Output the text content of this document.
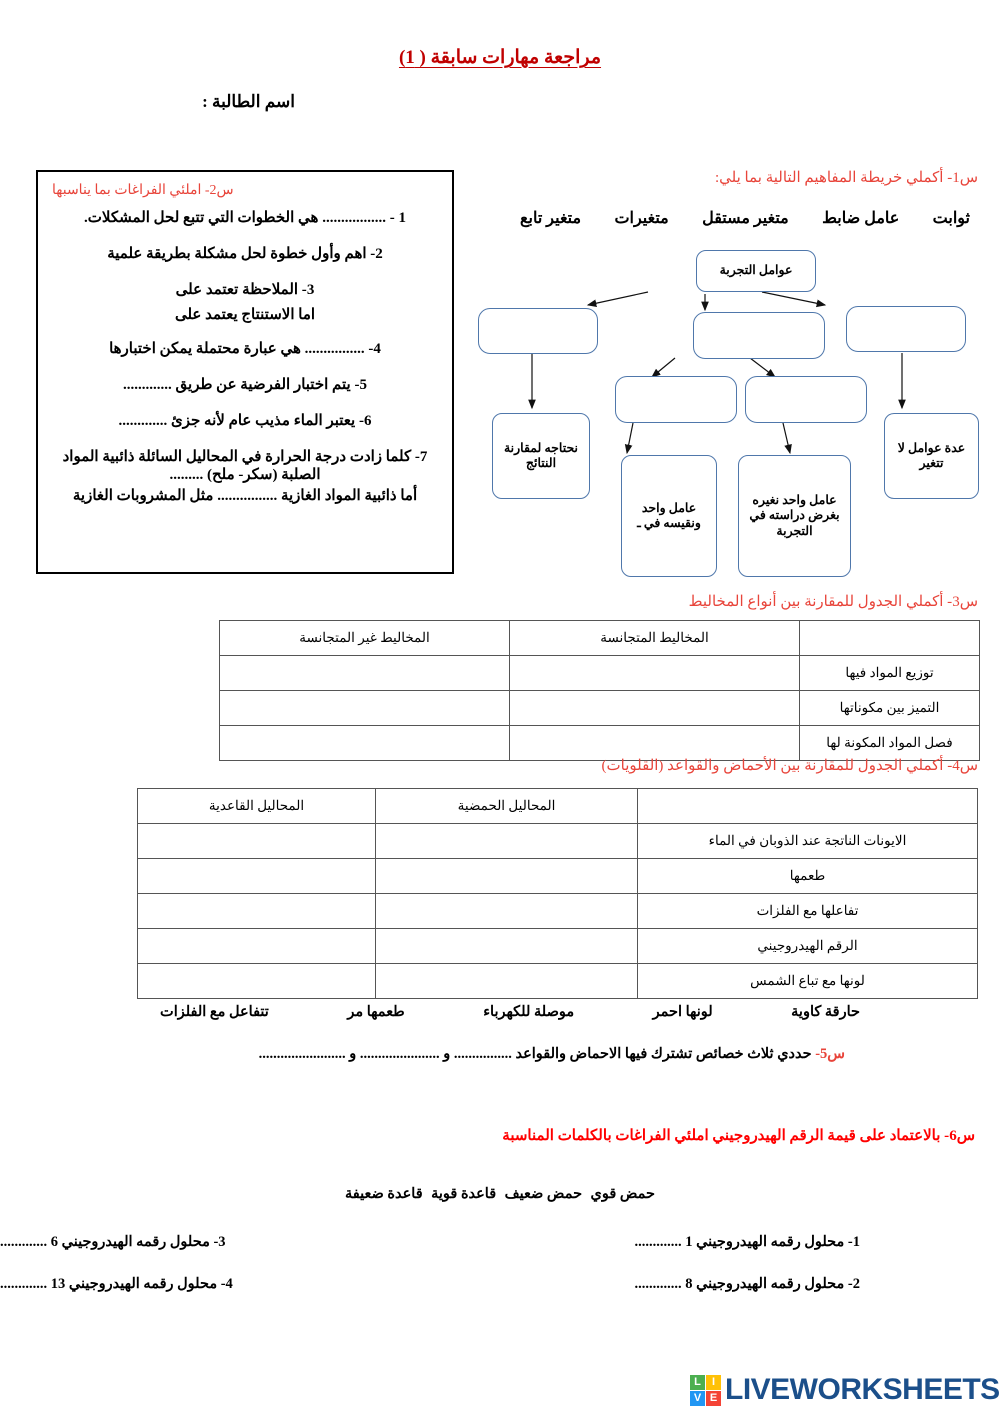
مراجعة مهارات سابقة ( 1)
اسم الطالبة :
س2- املئي الفراغات بما يناسبها
1 - ................. هي الخطوات التي تتبع لحل المشكلات.
2- اهم وأول خطوة لحل مشكلة بطريقة علمية
3- الملاحظة تعتمد على
اما الاستنتاج يعتمد على
4- ................ هي عبارة محتملة يمكن اختبارها
5- يتم اختبار الفرضية عن طريق .............
6- يعتبر الماء مذيب عام لأنه جزئ .............
7- كلما زادت درجة الحرارة في المحاليل السائلة ذائبية المواد الصلبة (سكر- ملح) .........
أما ذائبية المواد الغازية ................ مثل المشروبات الغازية
س1- أكملي خريطة المفاهيم التالية بما يلي:
ثوابت
عامل ضابط
متغير مستقل
متغيرات
متغير تابع
عوامل التجربة
نحتاجه لمقارنة النتائج
عامل واحد ونقيسه في ـ
عامل واحد نغيره بغرض دراسته في التجربة
عدة عوامل لا تتغير
س3- أكملي الجدول للمقارنة بين أنواع المخاليط
	المخاليط المتجانسة	المخاليط غير المتجانسة
توزيع المواد فيها		
التميز بين مكوناتها		
فصل المواد المكونة لها		
س4- أكملي الجدول للمقارنة بين الأحماض والقواعد (القلويات)
	المحاليل الحمضية	المحاليل القاعدية
الايونات الناتجة عند الذوبان في الماء		
طعمها		
تفاعلها مع الفلزات		
الرقم الهيدروجيني		
لونها مع تباع الشمس		
حارقة كاوية
لونها احمر
موصلة للكهرباء
طعمها مر
تتفاعل مع الفلزات
س5- حددي ثلاث خصائص تشترك فيها الاحماض والقواعد ................ و ...................... و ........................
س6- بالاعتماد على قيمة الرقم الهيدروجيني املئي الفراغات بالكلمات المناسبة
حمض قوي
حمض ضعيف
قاعدة قوية
قاعدة ضعيفة
1- محلول رقمه الهيدروجيني 1 .............
3- محلول رقمه الهيدروجيني 6 .............
2- محلول رقمه الهيدروجيني 8 .............
4- محلول رقمه الهيدروجيني 13 .............
L	I
V E LIVEWORKSHEETS
